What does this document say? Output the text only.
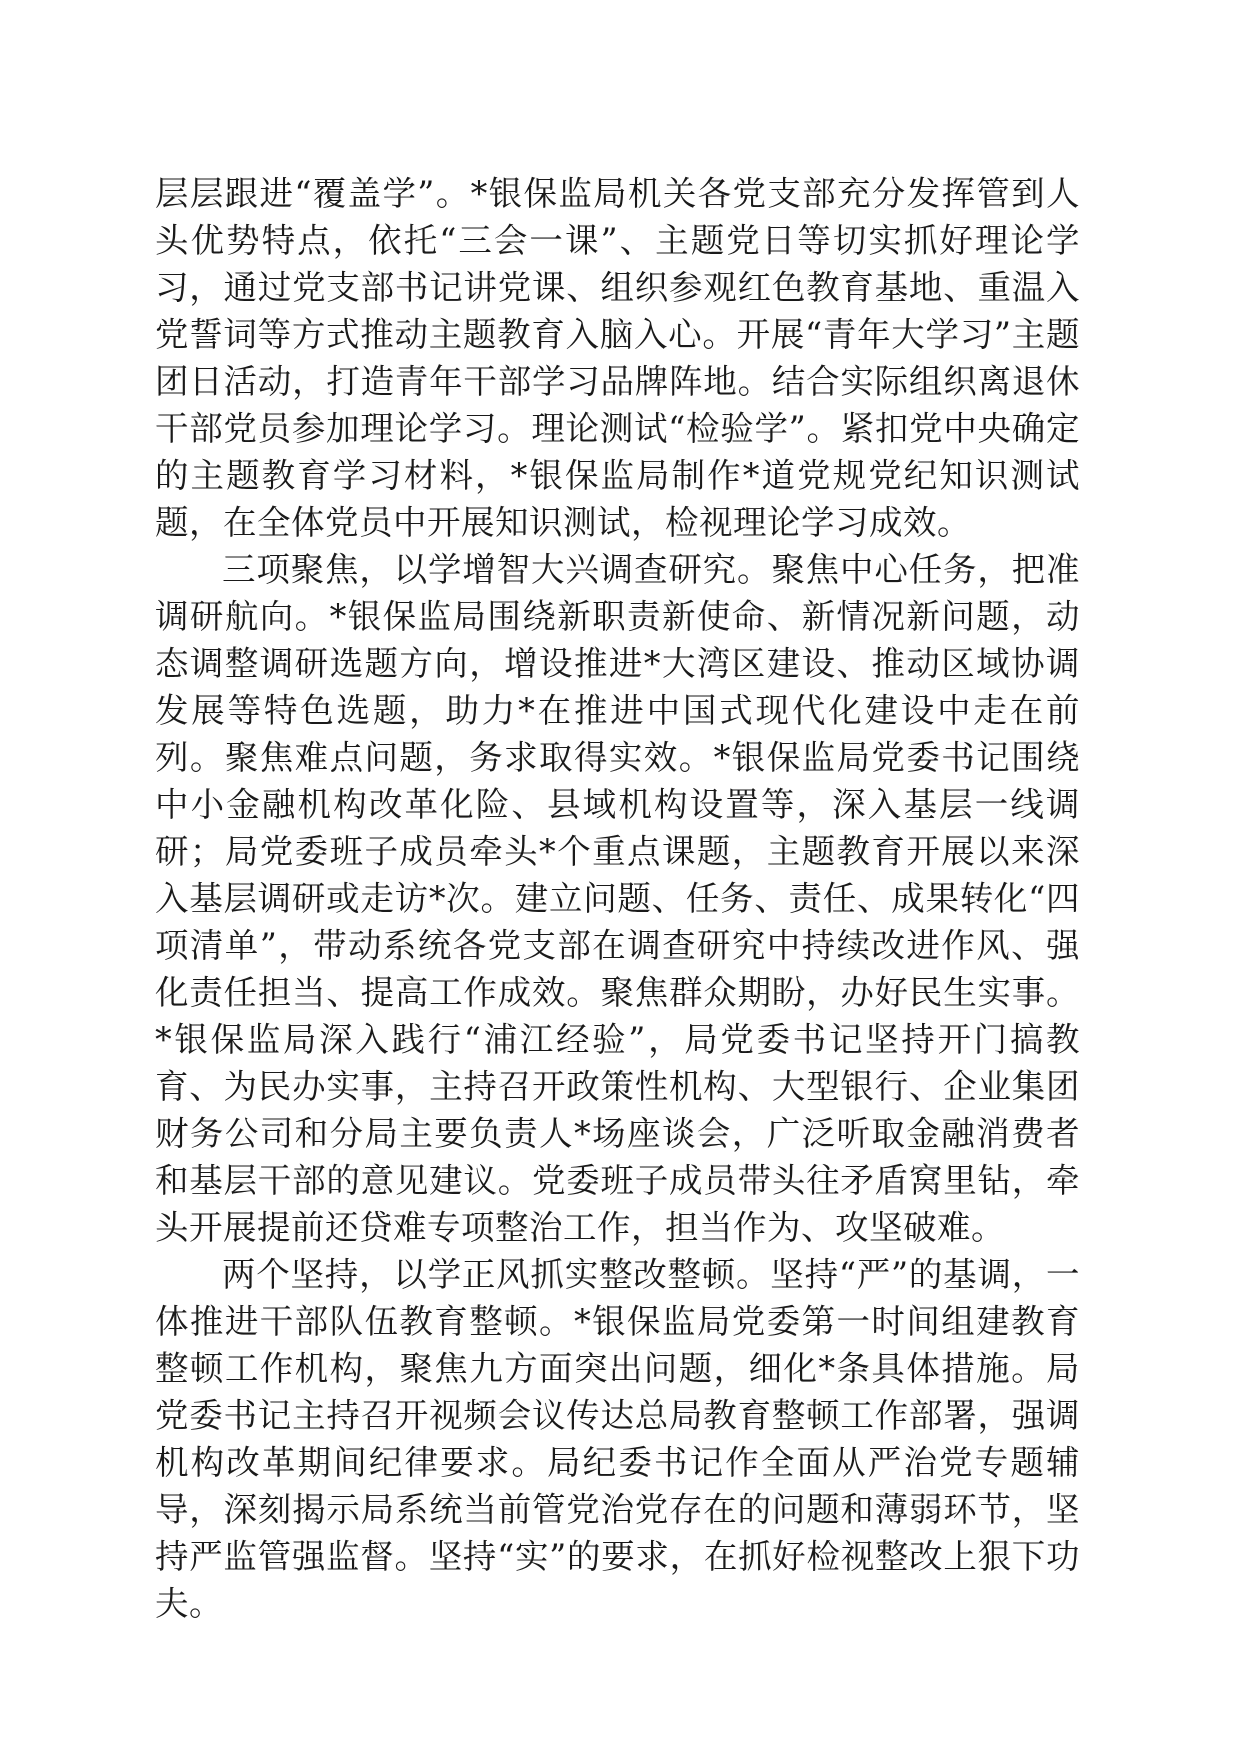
层层跟进“覆盖学”。*银保监局机关各党支部充分发挥管到人头优势特点，依托“三会一课”、主题党日等切实抓好理论学习，通过党支部书记讲党课、组织参观红色教育基地、重温入党誓词等方式推动主题教育入脑入心。开展“青年大学习”主题团日活动，打造青年干部学习品牌阵地。结合实际组织离退休干部党员参加理论学习。理论测试“检验学”。紧扣党中央确定的主题教育学习材料，*银保监局制作*道党规党纪知识测试题，在全体党员中开展知识测试，检视理论学习成效。

三项聚焦，以学增智大兴调查研究。聚焦中心任务，把准调研航向。*银保监局围绕新职责新使命、新情况新问题，动态调整调研选题方向，增设推进*大湾区建设、推动区域协调发展等特色选题，助力*在推进中国式现代化建设中走在前列。聚焦难点问题，务求取得实效。*银保监局党委书记围绕中小金融机构改革化险、县域机构设置等，深入基层一线调研；局党委班子成员牵头*个重点课题，主题教育开展以来深入基层调研或走访*次。建立问题、任务、责任、成果转化“四项清单”，带动系统各党支部在调查研究中持续改进作风、强化责任担当、提高工作成效。聚焦群众期盼，办好民生实事。*银保监局深入践行“浦江经验”，局党委书记坚持开门搞教育、为民办实事，主持召开政策性机构、大型银行、企业集团财务公司和分局主要负责人*场座谈会，广泛听取金融消费者和基层干部的意见建议。党委班子成员带头往矛盾窝里钻，牵头开展提前还贷难专项整治工作，担当作为、攻坚破难。

两个坚持，以学正风抓实整改整顿。坚持“严”的基调，一体推进干部队伍教育整顿。*银保监局党委第一时间组建教育整顿工作机构，聚焦九方面突出问题，细化*条具体措施。局党委书记主持召开视频会议传达总局教育整顿工作部署，强调机构改革期间纪律要求。局纪委书记作全面从严治党专题辅导，深刻揭示局系统当前管党治党存在的问题和薄弱环节，坚持严监管强监督。坚持“实”的要求，在抓好检视整改上狠下功夫。
